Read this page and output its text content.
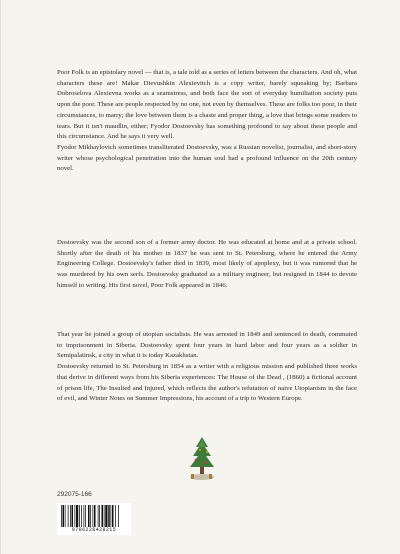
Poor Folk is an epistolary novel — that is, a tale told as a series of letters between the characters. And oh, what characters these are! Makar Dievushkin Alexievitch is a copy writer, barely squeaking by; Barbara Dobroselova Alexievna works as a seamstress, and both face the sort of everyday humiliation society puts upon the poor. These are people respected by no one, not even by themselves. These are folks too poor, in their circumstances, to marry; the love between them is a chaste and proper thing, a love that brings some readers to tears. But it isn't maudlin, either; Fyodor Dostoevsky has something profound to say about these people and this circumstance. And he says it very well.

Fyodor Mikhaylovich sometimes transliterated Dostoevsky, was a Russian novelist, journalist, and short-story writer whose psychological penetration into the human soul had a profound influence on the 20th century novel.

Dostoevsky was the second son of a former army doctor. He was educated at home and at a private school. Shortly after the death of his mother in 1837 he was sent to St. Petersburg, where he entered the Army Engineering College. Dostoevsky's father died in 1839, most likely of apoplexy, but it was rumored that he was murdered by his own serfs. Dostoevsky graduated as a military engineer, but resigned in 1844 to devote himself to writing. His first novel, Poor Folk appeared in 1846.

That year he joined a group of utopian socialists. He was arrested in 1849 and sentenced to death, commuted to imprisonment in Siberia. Dostoevsky spent four years in hard labor and four years as a soldier in Semipalatinsk, a city in what it is today Kazakhstan.

Dostoevsky returned to St. Petersburg in 1854 as a writer with a religious mission and published three works that derive in different ways from his Siberia experiences: The House of the Dead , (1860) a fictional account of prison life, The Insulted and Injured, which reflects the author's refutation of naive Utopianism in the face of evil, and Winter Notes on Summer Impressions, his account of a trip to Western Europe.

292075-166
9786228428215
